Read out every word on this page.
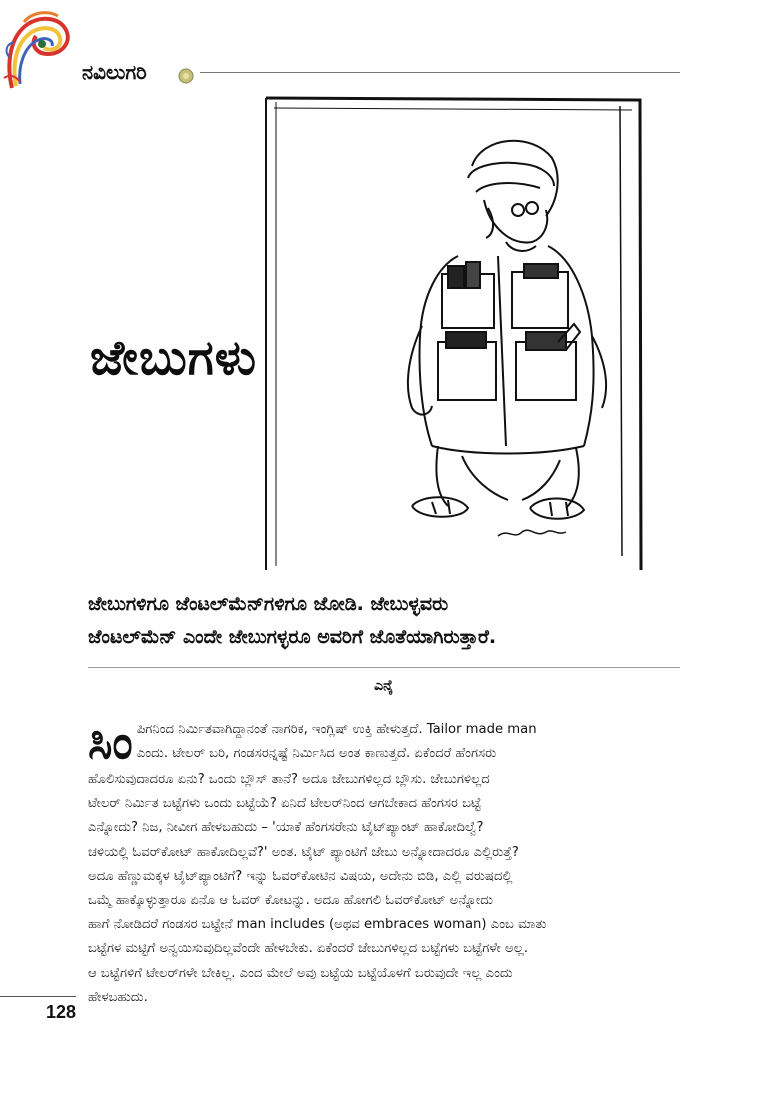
ನವಿಲುಗರಿ
ಜೇಬುಗಳು
ಜೇಬುಗಳಿಗೂ ಜೆಂಟಲ್‌ಮೆನ್‌ಗಳಿಗೂ ಜೋಡಿ. ಜೇಬುಳ್ಳವರು
ಜೆಂಟಲ್‌ಮೆನ್ ಎಂದೇ ಜೇಬುಗಳ್ಳರೂ ಅವರಿಗೆ ಜೊತೆಯಾಗಿರುತ್ತಾರೆ.
ಎನ್ಕೆ
ಸಿಂ ಪಿಗನಿಂದ ನಿರ್ಮಿತವಾಗಿದ್ದಾನಂತೆ ನಾಗರಿಕ, ಇಂಗ್ಲಿಷ್ ಉಕ್ತಿ ಹೇಳುತ್ತದೆ. Tailor made man
ಎಂದು. ಟೇಲರ್ ಬರಿ, ಗಂಡಸರನ್ನಷ್ಟೆ ನಿರ್ಮಿಸಿದ ಅಂತ ಕಾಣುತ್ತದೆ. ಏಕೆಂದರೆ ಹೆಂಗಸರು
ಹೊಲಿಸುವುದಾದರೂ ಏನು? ಒಂದು ಬ್ಲೌಸ್ ತಾನೆ? ಅದೂ ಜೇಬುಗಳಿಲ್ಲದ ಬ್ಲೌಸು. ಜೇಬುಗಳಿಲ್ಲದ
ಟೇಲರ್ ನಿರ್ಮಿತ ಬಟ್ಟೆಗಳು ಒಂದು ಬಟ್ಟೆಯೆ? ಏನಿದೆ ಟೇಲರ್‌ನಿಂದ ಆಗಬೇಕಾದ ಹೆಂಗಸರ ಬಟ್ಟೆ
ಎನ್ನೋದು? ನಿಜ, ನೀವೀಗ ಹೇಳಬಹುದು – 'ಯಾಕೆ ಹೆಂಗಸರೇನು ಟೈಟ್‌ಪ್ಯಾಂಟ್ ಹಾಕೋದಿಲ್ವೆ?
ಚಳಿಯಲ್ಲಿ ಓವರ್‌ಕೋಟ್ ಹಾಕೋದಿಲ್ಲವೆ?' ಅಂತ. ಟೈಟ್ ಪ್ಯಾಂಟಿಗೆ ಜೇಬು ಅನ್ನೋದಾದರೂ ಎಲ್ಲಿರುತ್ತೆ?
ಅದೂ ಹೆಣ್ಣುಮಕ್ಕಳ ಟೈಟ್‌ಪ್ಯಾಂಟಿಗೆ? ಇನ್ನು ಓವರ್‌ಕೋಟಿನ ವಿಷಯ, ಅದೇನು ಬಿಡಿ, ಎಲ್ಲಿ ವರುಷದಲ್ಲಿ
ಒಮ್ಮೆ ಹಾಕ್ಕೊಳ್ಳುತ್ತಾರೂ ಏನೊ ಆ ಓವರ್ ಕೋಟನ್ನು. ಅದೂ ಹೋಗಲಿ ಓವರ್‌ಕೋಟ್ ಅನ್ನೋದು
ಹಾಗೆ ನೋಡಿದರೆ ಗಂಡಸರ ಬಟ್ಟೇನೆ man includes (ಅಥವ embraces woman) ಎಂಬ ಮಾತು
ಬಟ್ಟೆಗಳ ಮಟ್ಟಿಗೆ ಅನ್ವಯಿಸುವುದಿಲ್ಲವೆಂದೇ ಹೇಳಬೇಕು. ಏಕೆಂದರೆ ಜೇಬುಗಳಿಲ್ಲದ ಬಟ್ಟೆಗಳು ಬಟ್ಟೆಗಳೇ ಅಲ್ಲ.
ಆ ಬಟ್ಟೆಗಳಿಗೆ ಟೇಲರ್‌ಗಳೇ ಬೇಕಿಲ್ಲ. ಎಂದ ಮೇಲೆ ಅವು ಬಟ್ಟೆಯ ಬಟ್ಟೆಯೊಳಗೆ ಬರುವುದೇ ಇಲ್ಲ ಎಂದು
ಹೇಳಬಹುದು.
128
